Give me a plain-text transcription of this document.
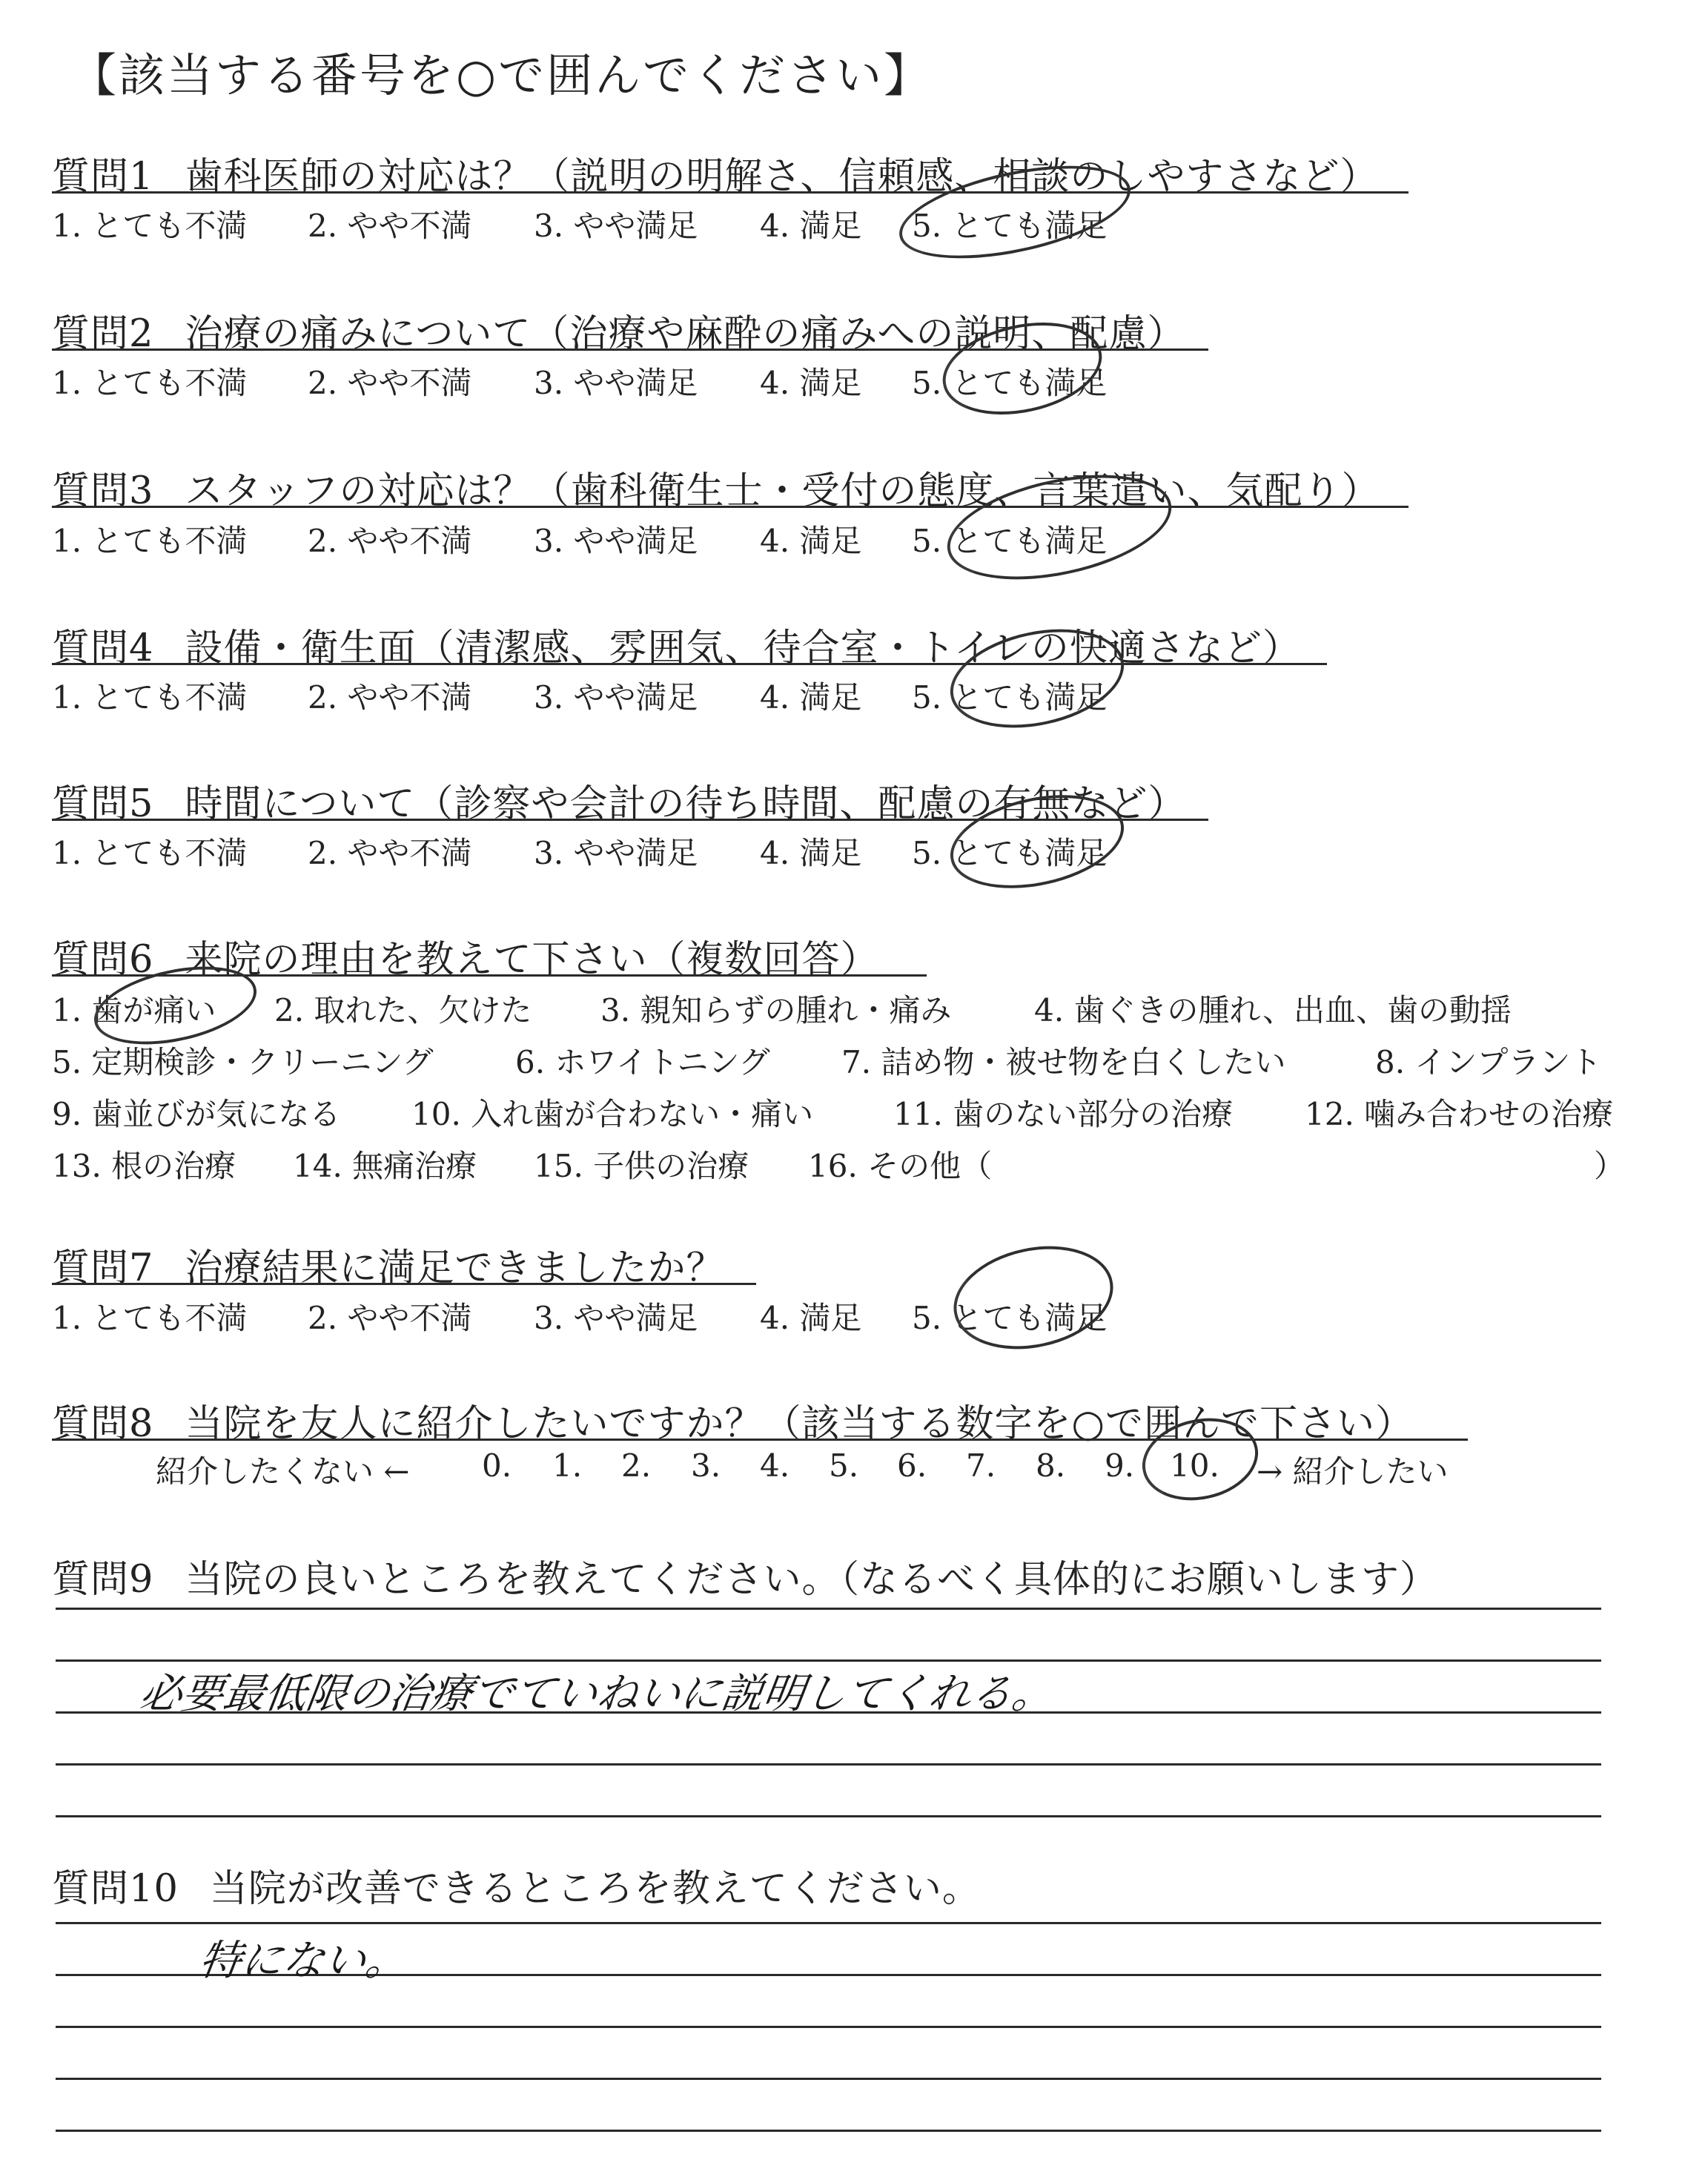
【該当する番号を○で囲んでください】
質問1 歯科医師の対応は？（説明の明解さ、信頼感、相談のしやすさなど）
1. とても不満 2. やや不満 3. やや満足 4. 満足 5. とても満足
質問2 治療の痛みについて（治療や麻酔の痛みへの説明、配慮）
1. とても不満 2. やや不満 3. やや満足 4. 満足 5. とても満足
質問3 スタッフの対応は？（歯科衛生士・受付の態度、言葉遣い、気配り）
1. とても不満 2. やや不満 3. やや満足 4. 満足 5. とても満足
質問4 設備・衛生面（清潔感、雰囲気、待合室・トイレの快適さなど）
1. とても不満 2. やや不満 3. やや満足 4. 満足 5. とても満足
質問5 時間について（診察や会計の待ち時間、配慮の有無など）
1. とても不満 2. やや不満 3. やや満足 4. 満足 5. とても満足
質問6 来院の理由を教えて下さい（複数回答）
1. 歯が痛い 2. 取れた、欠けた 3. 親知らずの腫れ・痛み	4. 歯ぐきの腫れ、出血、歯の動揺
5. 定期検診・クリーニング	6. ホワイトニング 7. 詰め物・被せ物を白くしたい	8. インプラント
9. 歯並びが気になる 10. 入れ歯が合わない・痛い	11. 歯のない部分の治療 12. 噛み合わせの治療
13. 根の治療 14. 無痛治療 15. 子供の治療 16. その他（	）
質問7 治療結果に満足できましたか？
1. とても不満 2. やや不満 3. やや満足 4. 満足 5. とても満足
質問8 当院を友人に紹介したいですか？（該当する数字を○で囲んで下さい）
紹介したくない ← 0. 1. 2. 3. 4. 5. 6. 7. 8. 9. 10. → 紹介したい
質問9 当院の良いところを教えてください。（なるべく具体的にお願いします）
必要最低限の治療でていねいに説明してくれる。
質問10 当院が改善できるところを教えてください。
特にない。
